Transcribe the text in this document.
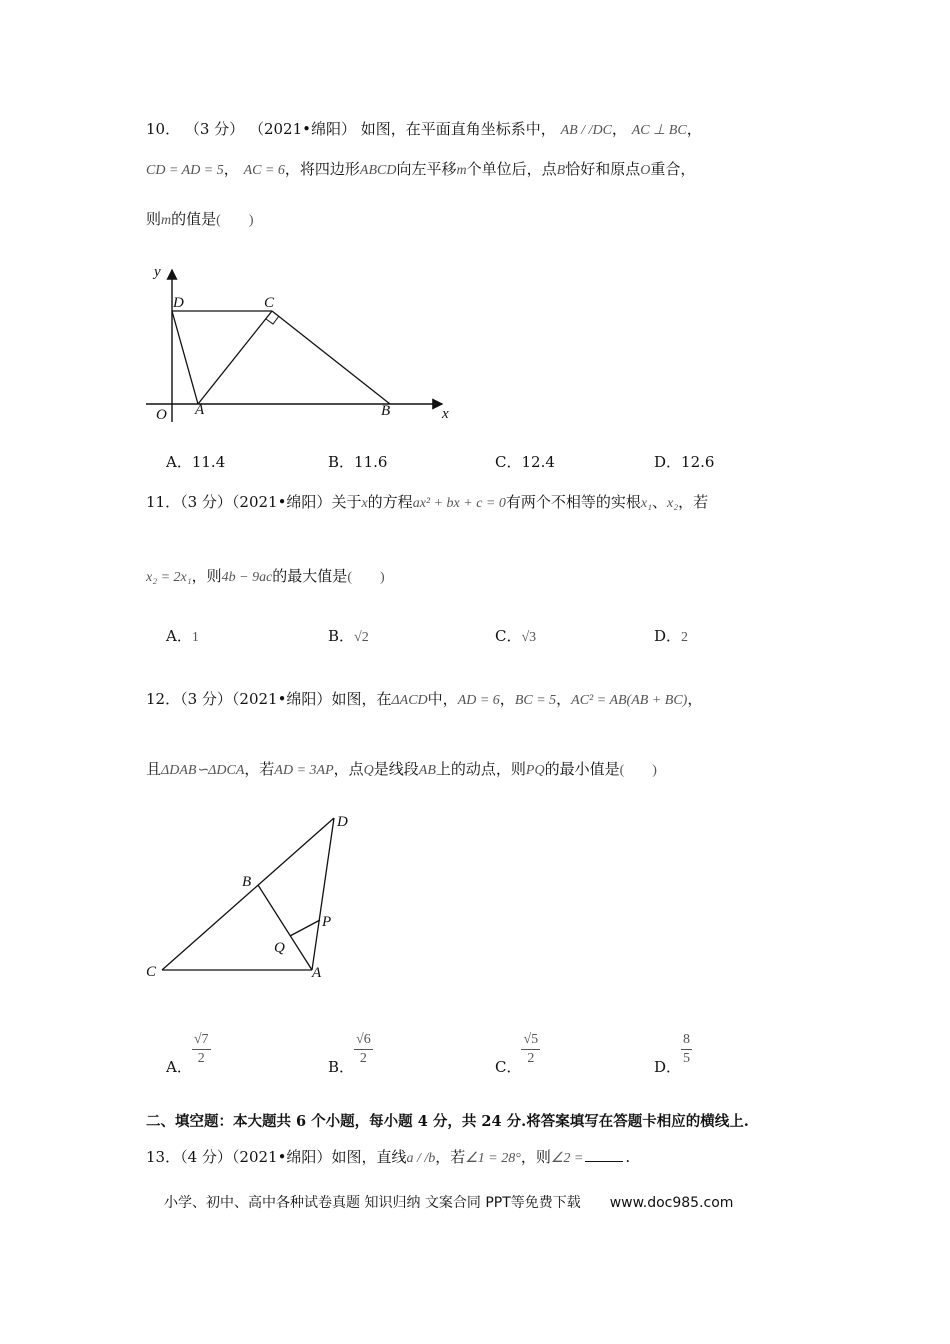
10． （3 分） （2021•绵阳） 如图，在平面直角坐标系中， AB / /DC， AC ⊥ BC，
CD = AD = 5， AC = 6，将四边形ABCD向左平移m个单位后，点B恰好和原点O重合，
则m的值是(　　)
y
D	C
O A	B	x
A．11.4	B．11.6	C．12.4	D．12.6
11．（3 分）（2021•绵阳）关于x的方程ax² + bx + c = 0有两个不相等的实根x₁、x₂，若
x₂ = 2x₁，则4b − 9ac的最大值是(　　)
A．1	B．√2	C．√3	D．2
12．（3 分）（2021•绵阳）如图，在ΔACD中，AD = 6，BC = 5，AC² = AB(AB + BC)，
且ΔDAB∽ΔDCA，若AD = 3AP，点Q是线段AB上的动点，则PQ的最小值是(　　)
D
B
P
Q
C	A
A． $\frac{√7}{2}$	B． $\frac{√6}{2}$	C． $\frac{√5}{2}$	D． $\frac{8}{5}$
二、填空题：本大题共 6 个小题，每小题 4 分，共 24 分.将答案填写在答题卡相应的横线上.
13．（4 分）（2021•绵阳）如图，直线a / /b，若∠1 = 28°，则∠2 =	.
小学、初中、高中各种试卷真题 知识归纳 文案合同 PPT等免费下载 www.doc985.com
